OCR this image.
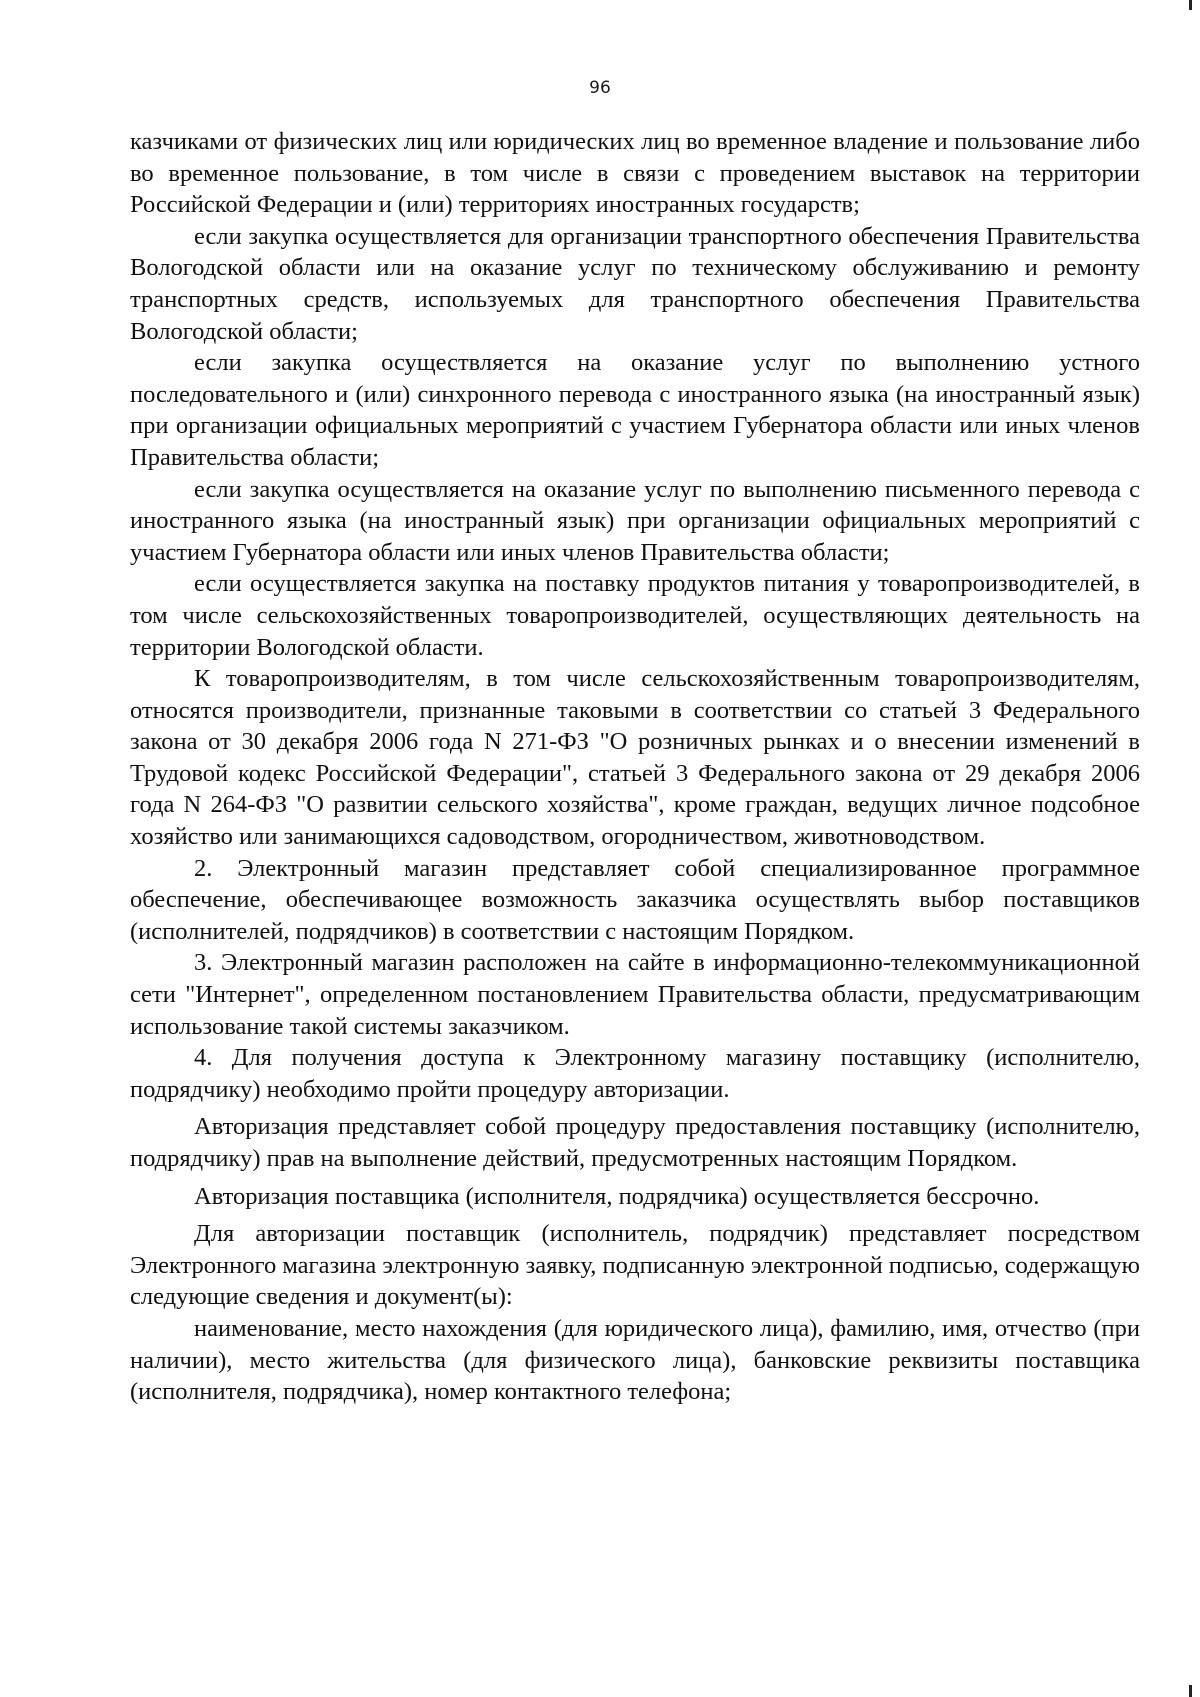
96

казчиками от физических лиц или юридических лиц во временное владение и пользование либо во временное пользование, в том числе в связи с проведением выставок на территории Российской Федерации и (или) территориях иностранных государств;

если закупка осуществляется для организации транспортного обеспечения Правительства Вологодской области или на оказание услуг по техническому обслуживанию и ремонту транспортных средств, используемых для транспортного обеспечения Правительства Вологодской области;

если закупка осуществляется на оказание услуг по выполнению устного последовательного и (или) синхронного перевода с иностранного языка (на иностранный язык) при организации официальных мероприятий с участием Губернатора области или иных членов Правительства области;

если закупка осуществляется на оказание услуг по выполнению письменного перевода с иностранного языка (на иностранный язык) при организации официальных мероприятий с участием Губернатора области или иных членов Правительства области;

если осуществляется закупка на поставку продуктов питания у товаропроизводителей, в том числе сельскохозяйственных товаропроизводителей, осуществляющих деятельность на территории Вологодской области.

К товаропроизводителям, в том числе сельскохозяйственным товаропроизводителям, относятся производители, признанные таковыми в соответствии со статьей 3 Федерального закона от 30 декабря 2006 года N 271-ФЗ "О розничных рынках и о внесении изменений в Трудовой кодекс Российской Федерации", статьей 3 Федерального закона от 29 декабря 2006 года N 264-ФЗ "О развитии сельского хозяйства", кроме граждан, ведущих личное подсобное хозяйство или занимающихся садоводством, огородничеством, животноводством.

2. Электронный магазин представляет собой специализированное программное обеспечение, обеспечивающее возможность заказчика осуществлять выбор поставщиков (исполнителей, подрядчиков) в соответствии с настоящим Порядком.

3. Электронный магазин расположен на сайте в информационно-телекоммуникационной сети "Интернет", определенном постановлением Правительства области, предусматривающим использование такой системы заказчиком.

4. Для получения доступа к Электронному магазину поставщику (исполнителю, подрядчику) необходимо пройти процедуру авторизации.

Авторизация представляет собой процедуру предоставления поставщику (исполнителю, подрядчику) прав на выполнение действий, предусмотренных настоящим Порядком.

Авторизация поставщика (исполнителя, подрядчика) осуществляется бессрочно.

Для авторизации поставщик (исполнитель, подрядчик) представляет посредством Электронного магазина электронную заявку, подписанную электронной подписью, содержащую следующие сведения и документ(ы):

наименование, место нахождения (для юридического лица), фамилию, имя, отчество (при наличии), место жительства (для физического лица), банковские реквизиты поставщика (исполнителя, подрядчика), номер контактного телефона;
